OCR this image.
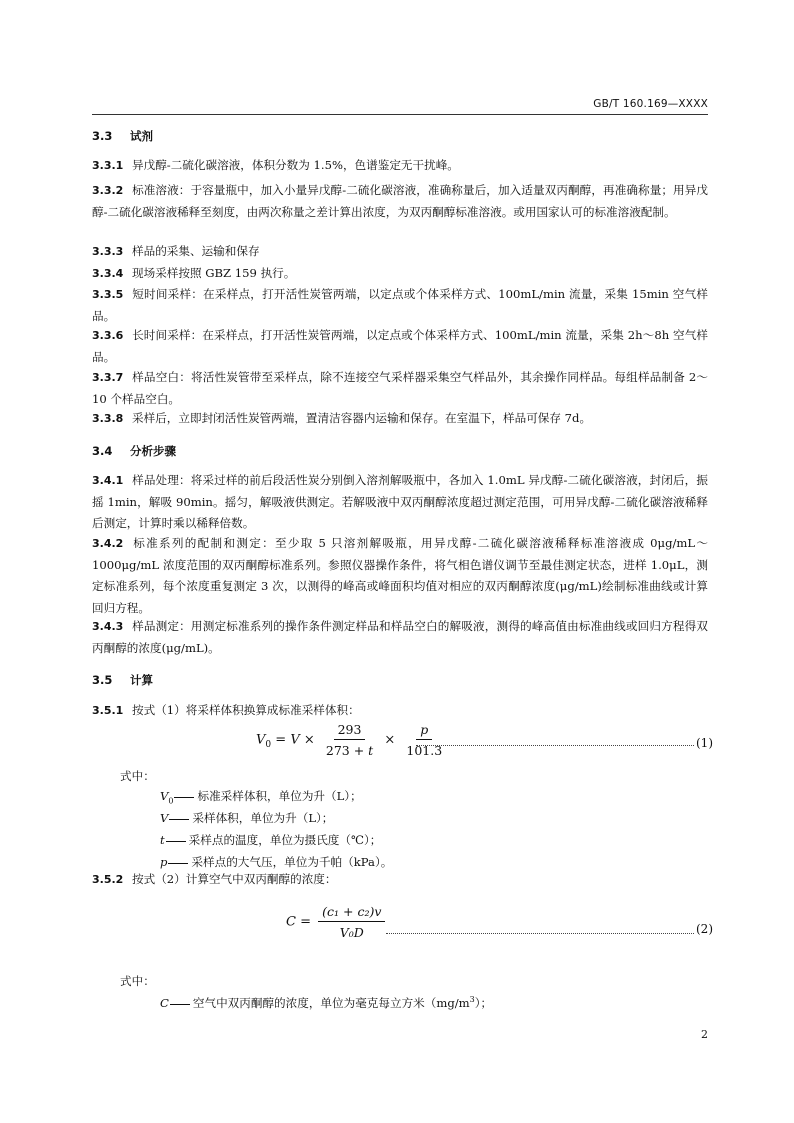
GB/T 160.169—XXXX
3.3 试剂
3.3.1 异戊醇-二硫化碳溶液，体积分数为 1.5%，色谱鉴定无干扰峰。
3.3.2 标准溶液：于容量瓶中，加入小量异戊醇-二硫化碳溶液，准确称量后，加入适量双丙酮醇，再准确称量；用异戊醇-二硫化碳溶液稀释至刻度，由两次称量之差计算出浓度，为双丙酮醇标准溶液。或用国家认可的标准溶液配制。
3.3.3 样品的采集、运输和保存
3.3.4 现场采样按照 GBZ 159 执行。
3.3.5 短时间采样：在采样点，打开活性炭管两端，以定点或个体采样方式、100mL/min 流量，采集 15min 空气样品。
3.3.6 长时间采样：在采样点，打开活性炭管两端，以定点或个体采样方式、100mL/min 流量，采集 2h～8h 空气样品。
3.3.7 样品空白：将活性炭管带至采样点，除不连接空气采样器采集空气样品外，其余操作同样品。每组样品制备 2～10 个样品空白。
3.3.8 采样后，立即封闭活性炭管两端，置清洁容器内运输和保存。在室温下，样品可保存 7d。
3.4 分析步骤
3.4.1 样品处理：将采过样的前后段活性炭分别倒入溶剂解吸瓶中，各加入 1.0mL 异戊醇-二硫化碳溶液，封闭后，振摇 1min，解吸 90min。摇匀，解吸液供测定。若解吸液中双丙酮醇浓度超过测定范围，可用异戊醇-二硫化碳溶液稀释后测定，计算时乘以稀释倍数。
3.4.2 标准系列的配制和测定：至少取 5 只溶剂解吸瓶，用异戊醇-二硫化碳溶液稀释标准溶液成 0μg/mL～1000μg/mL 浓度范围的双丙酮醇标准系列。参照仪器操作条件，将气相色谱仪调节至最佳测定状态，进样 1.0μL，测定标准系列，每个浓度重复测定 3 次，以测得的峰高或峰面积均值对相应的双丙酮醇浓度(μg/mL)绘制标准曲线或计算回归方程。
3.4.3 样品测定：用测定标准系列的操作条件测定样品和样品空白的解吸液，测得的峰高值由标准曲线或回归方程得双丙酮醇的浓度(μg/mL)。
3.5 计算
3.5.1 按式（1）将采样体积换算成标准采样体积：
$V_0 = V \times \frac{293}{273 + t} \times \frac{p}{101.3}$	(1)
式中：
$V_0$ 标准采样体积，单位为升（L）；
V 采样体积，单位为升（L）；
t 采样点的温度，单位为摄氏度（℃）；
p 采样点的大气压，单位为千帕（kPa）。
3.5.2 按式（2）计算空气中双丙酮醇的浓度：
$C = \frac{\text{(c₁ + c₂)v}}{\text{V₀D}}$	(2)
式中：
C 空气中双丙酮醇的浓度，单位为毫克每立方米$(mg/m^3)$；
2
